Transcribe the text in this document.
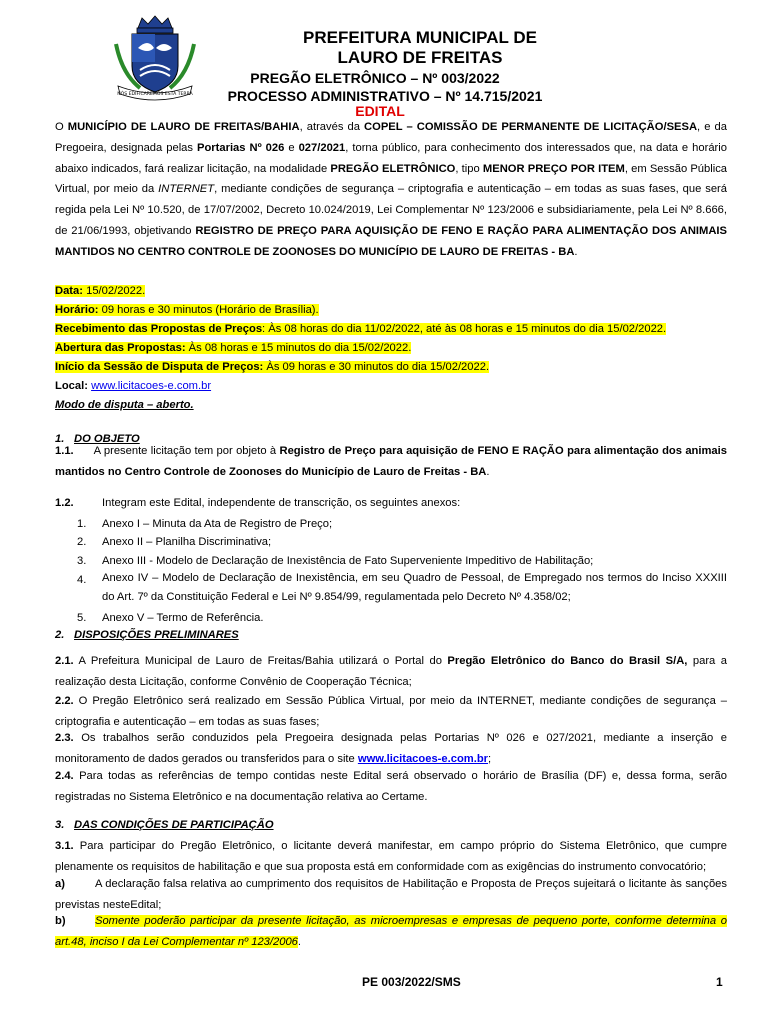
NÓS EDIFICAREMOS ESTA TERRA
PREFEITURA MUNICIPAL DE
LAURO DE FREITAS
PREGÃO ELETRÔNICO – Nº 003/2022
PROCESSO ADMINISTRATIVO – Nº 14.715/2021
EDITAL
O MUNICÍPIO DE LAURO DE FREITAS/BAHIA, através da COPEL – COMISSÃO DE PERMANENTE DE LICITAÇÃO/SESA, e da Pregoeira, designada pelas Portarias Nº 026 e 027/2021, torna público, para conhecimento dos interessados que, na data e horário abaixo indicados, fará realizar licitação, na modalidade PREGÃO ELETRÔNICO, tipo MENOR PREÇO POR ITEM, em Sessão Pública Virtual, por meio da INTERNET, mediante condições de segurança – criptografia e autenticação – em todas as suas fases, que será regida pela Lei Nº 10.520, de 17/07/2002, Decreto 10.024/2019, Lei Complementar Nº 123/2006 e subsidiariamente, pela Lei Nº 8.666, de 21/06/1993, objetivando REGISTRO DE PREÇO PARA AQUISIÇÃO DE FENO E RAÇÃO PARA ALIMENTAÇÃO DOS ANIMAIS MANTIDOS NO CENTRO CONTROLE DE ZOONOSES DO MUNICÍPIO DE LAURO DE FREITAS - BA.
Data: 15/02/2022.
Horário: 09 horas e 30 minutos (Horário de Brasília).
Recebimento das Propostas de Preços: Às 08 horas do dia 11/02/2022, até às 08 horas e 15 minutos do dia 15/02/2022.
Abertura das Propostas: Às 08 horas e 15 minutos do dia 15/02/2022.
Início da Sessão de Disputa de Preços: Às 09 horas e 30 minutos do dia 15/02/2022.
Local: www.licitacoes-e.com.br
Modo de disputa – aberto.
1. DO OBJETO
1.1. A presente licitação tem por objeto à Registro de Preço para aquisição de FENO E RAÇÃO para alimentação dos animais mantidos no Centro Controle de Zoonoses do Município de Lauro de Freitas - BA.
1.2.	Integram este Edital, independente de transcrição, os seguintes anexos:
1. Anexo I – Minuta da Ata de Registro de Preço;
2. Anexo II – Planilha Discriminativa;
3. Anexo III - Modelo de Declaração de Inexistência de Fato Superveniente Impeditivo de Habilitação;
4.	Anexo IV – Modelo de Declaração de Inexistência, em seu Quadro de Pessoal, de Empregado nos termos do Inciso XXXIII do Art. 7º da Constituição Federal e Lei Nº 9.854/99, regulamentada pelo Decreto Nº 4.358/02;
5. Anexo V – Termo de Referência.
2. DISPOSIÇÕES PRELIMINARES
2.1. A Prefeitura Municipal de Lauro de Freitas/Bahia utilizará o Portal do Pregão Eletrônico do Banco do Brasil S/A, para a realização desta Licitação, conforme Convênio de Cooperação Técnica;
2.2. O Pregão Eletrônico será realizado em Sessão Pública Virtual, por meio da INTERNET, mediante condições de segurança – criptografia e autenticação – em todas as suas fases;
2.3. Os trabalhos serão conduzidos pela Pregoeira designada pelas Portarias Nº 026 e 027/2021, mediante a inserção e monitoramento de dados gerados ou transferidos para o site www.licitacoes-e.com.br;
2.4. Para todas as referências de tempo contidas neste Edital será observado o horário de Brasília (DF) e, dessa forma, serão registradas no Sistema Eletrônico e na documentação relativa ao Certame.
3. DAS CONDIÇÕES DE PARTICIPAÇÃO
3.1. Para participar do Pregão Eletrônico, o licitante deverá manifestar, em campo próprio do Sistema Eletrônico, que cumpre plenamente os requisitos de habilitação e que sua proposta está em conformidade com as exigências do instrumento convocatório;
a)	A declaração falsa relativa ao cumprimento dos requisitos de Habilitação e Proposta de Preços sujeitará o licitante às sanções previstas nesteEdital;
b)	Somente poderão participar da presente licitação, as microempresas e empresas de pequeno porte, conforme determina o art.48, inciso I da Lei Complementar nº 123/2006.
PE 003/2022/SMS	1
